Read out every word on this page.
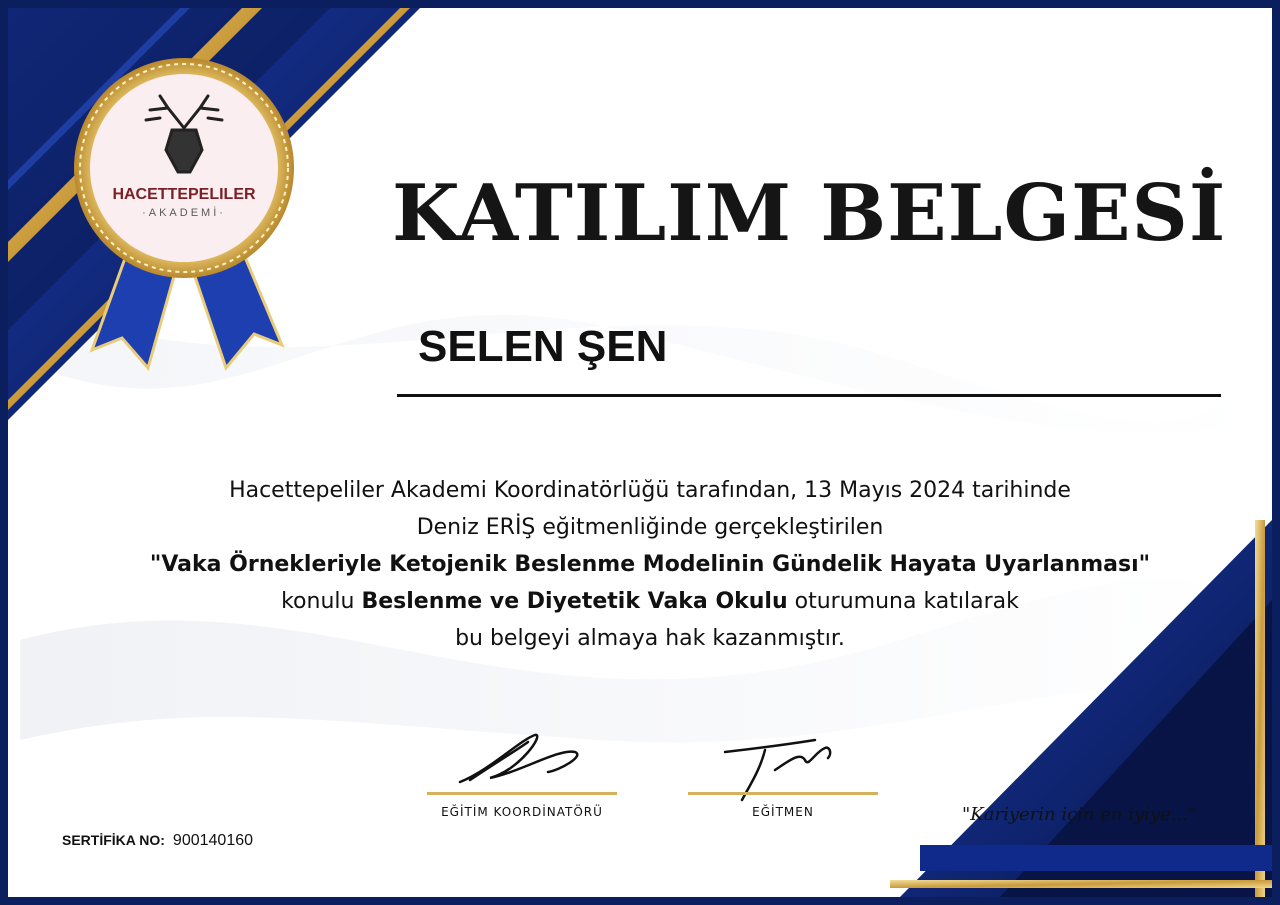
HACETTEPELILER
·AKADEMİ·	KATILIM BELGESİ
SELEN ŞEN
Hacettepeliler Akademi Koordinatörlüğü tarafından, 13 Mayıs 2024 tarihinde
Deniz ERİŞ eğitmenliğinde gerçekleştirilen
"Vaka Örnekleriyle Ketojenik Beslenme Modelinin Gündelik Hayata Uyarlanması"
konulu Beslenme ve Diyetetik Vaka Okulu oturumuna katılarak
bu belgeyi almaya hak kazanmıştır.
EĞİTİM KOORDİNATÖRÜ	EĞİTMEN	"Kariyerin için en iyiye..."
SERTİFİKA NO: 900140160
